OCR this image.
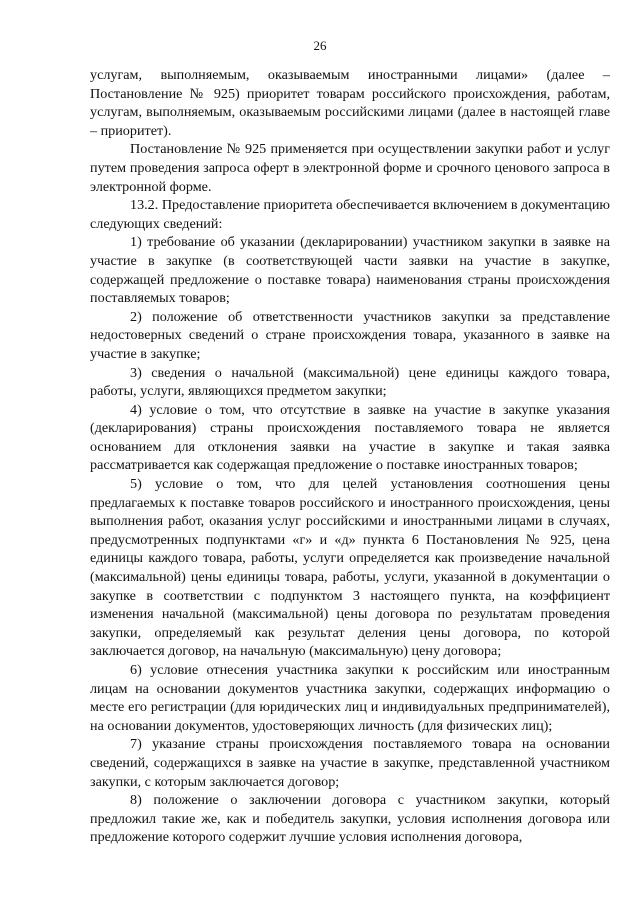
26

услугам, выполняемым, оказываемым иностранными лицами» (далее – Постановление № 925) приоритет товарам российского происхождения, работам, услугам, выполняемым, оказываемым российскими лицами (далее в настоящей главе – приоритет).

Постановление № 925 применяется при осуществлении закупки работ и услуг путем проведения запроса оферт в электронной форме и срочного ценового запроса в электронной форме.

13.2. Предоставление приоритета обеспечивается включением в документацию следующих сведений:

1) требование об указании (декларировании) участником закупки в заявке на участие в закупке (в соответствующей части заявки на участие в закупке, содержащей предложение о поставке товара) наименования страны происхождения поставляемых товаров;

2) положение об ответственности участников закупки за представление недостоверных сведений о стране происхождения товара, указанного в заявке на участие в закупке;

3) сведения о начальной (максимальной) цене единицы каждого товара, работы, услуги, являющихся предметом закупки;

4) условие о том, что отсутствие в заявке на участие в закупке указания (декларирования) страны происхождения поставляемого товара не является основанием для отклонения заявки на участие в закупке и такая заявка рассматривается как содержащая предложение о поставке иностранных товаров;

5) условие о том, что для целей установления соотношения цены предлагаемых к поставке товаров российского и иностранного происхождения, цены выполнения работ, оказания услуг российскими и иностранными лицами в случаях, предусмотренных подпунктами «г» и «д» пункта 6 Постановления № 925, цена единицы каждого товара, работы, услуги определяется как произведение начальной (максимальной) цены единицы товара, работы, услуги, указанной в документации о закупке в соответствии с подпунктом 3 настоящего пункта, на коэффициент изменения начальной (максимальной) цены договора по результатам проведения закупки, определяемый как результат деления цены договора, по которой заключается договор, на начальную (максимальную) цену договора;

6) условие отнесения участника закупки к российским или иностранным лицам на основании документов участника закупки, содержащих информацию о месте его регистрации (для юридических лиц и индивидуальных предпринимателей), на основании документов, удостоверяющих личность (для физических лиц);

7) указание страны происхождения поставляемого товара на основании сведений, содержащихся в заявке на участие в закупке, представленной участником закупки, с которым заключается договор;

8) положение о заключении договора с участником закупки, который предложил такие же, как и победитель закупки, условия исполнения договора или предложение которого содержит лучшие условия исполнения договора,
